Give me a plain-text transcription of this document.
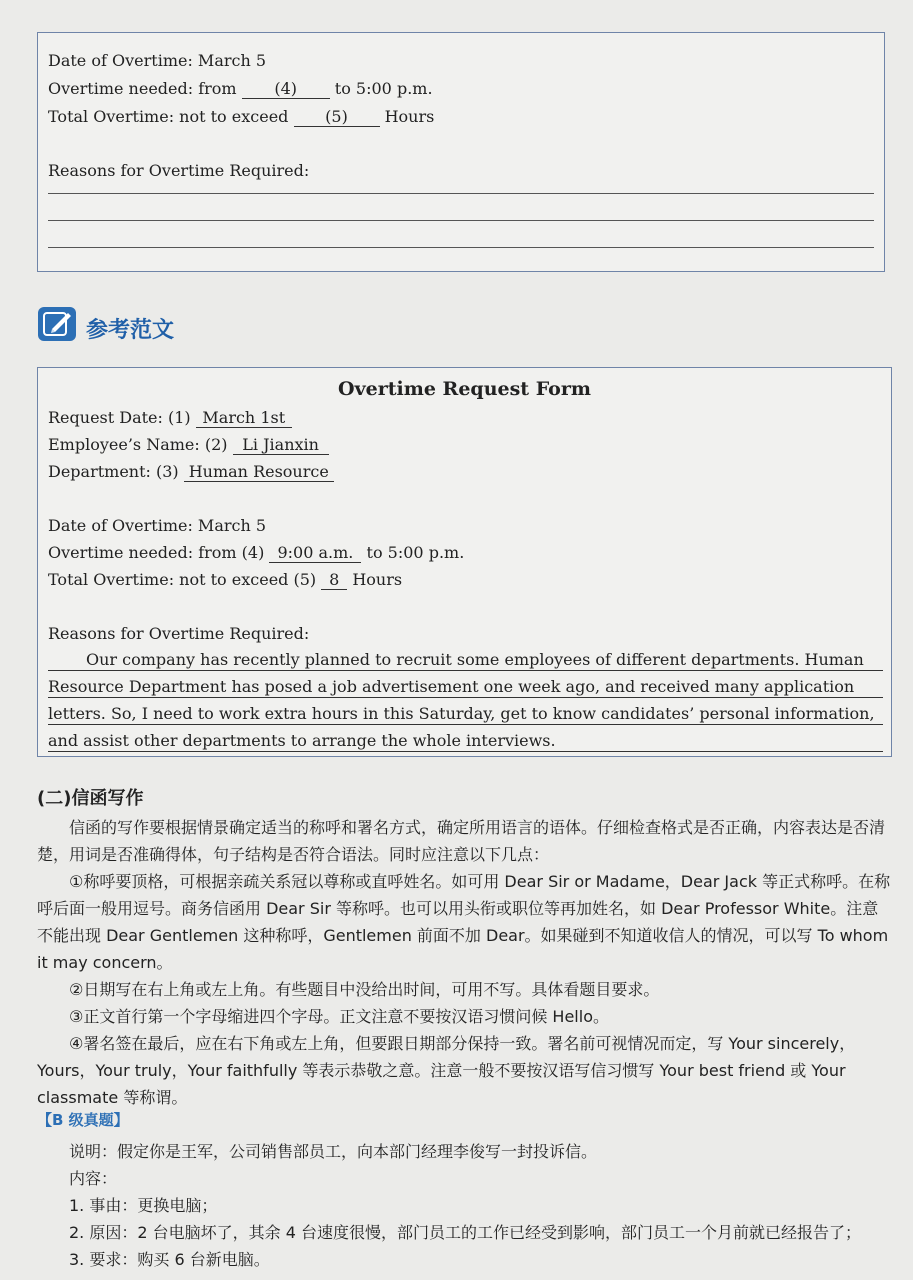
Date of Overtime: March 5
Overtime needed: from (4) to 5:00 p.m.
Total Overtime: not to exceed (5) Hours
Reasons for Overtime Required:
参考范文
Overtime Request Form
Request Date: (1) March 1st
Employee’s Name: (2) Li Jianxin
Department: (3) Human Resource
Date of Overtime: March 5
Overtime needed: from (4) 9:00 a.m. to 5:00 p.m.
Total Overtime: not to exceed (5) 8 Hours
Reasons for Overtime Required:
Our company has recently planned to recruit some employees of different departments. Human
Resource Department has posed a job advertisement one week ago, and received many application
letters. So, I need to work extra hours in this Saturday, get to know candidates’ personal information,
and assist other departments to arrange the whole interviews.
(二)信函写作
　　信函的写作要根据情景确定适当的称呼和署名方式，确定所用语言的语体。仔细检查格式是否正确，内容表达是否清楚，用词是否准确得体，句子结构是否符合语法。同时应注意以下几点：
　　①称呼要顶格，可根据亲疏关系冠以尊称或直呼姓名。如可用 Dear Sir or Madame，Dear Jack 等正式称呼。在称呼后面一般用逗号。商务信函用 Dear Sir 等称呼。也可以用头衔或职位等再加姓名，如 Dear Professor White。注意不能出现 Dear Gentlemen 这种称呼，Gentlemen 前面不加 Dear。如果碰到不知道收信人的情况，可以写 To whom it may concern。
　　②日期写在右上角或左上角。有些题目中没给出时间，可用不写。具体看题目要求。
　　③正文首行第一个字母缩进四个字母。正文注意不要按汉语习惯问候 Hello。
　　④署名签在最后，应在右下角或左上角，但要跟日期部分保持一致。署名前可视情况而定，写 Your sincerely，Yours，Your truly，Your faithfully 等表示恭敬之意。注意一般不要按汉语写信习惯写 Your best friend 或 Your classmate 等称谓。
【B 级真题】
　　说明：假定你是王军，公司销售部员工，向本部门经理李俊写一封投诉信。
　　内容：
　　1. 事由：更换电脑；
　　2. 原因：2 台电脑坏了，其余 4 台速度很慢，部门员工的工作已经受到影响，部门员工一个月前就已经报告了；
　　3. 要求：购买 6 台新电脑。
